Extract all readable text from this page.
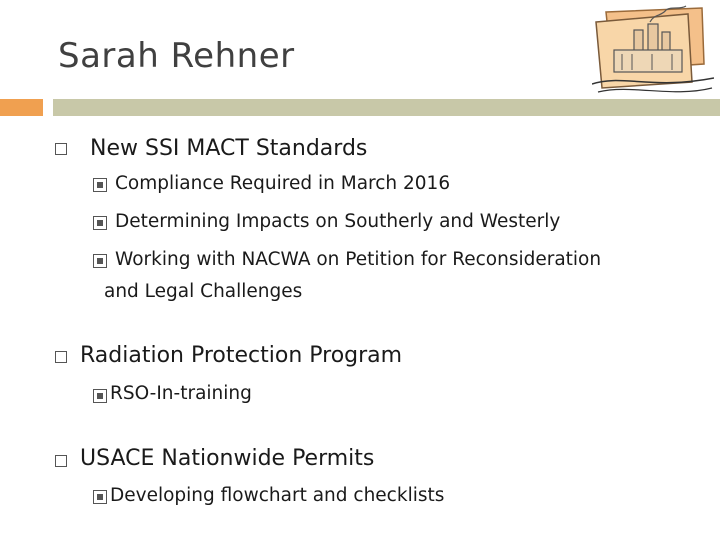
Sarah Rehner
New SSI MACT Standards
Compliance Required in March 2016
Determining Impacts on Southerly and Westerly
Working with NACWA on Petition for Reconsideration
and Legal Challenges
Radiation Protection Program
RSO-In-training
USACE Nationwide Permits
Developing flowchart and checklists
